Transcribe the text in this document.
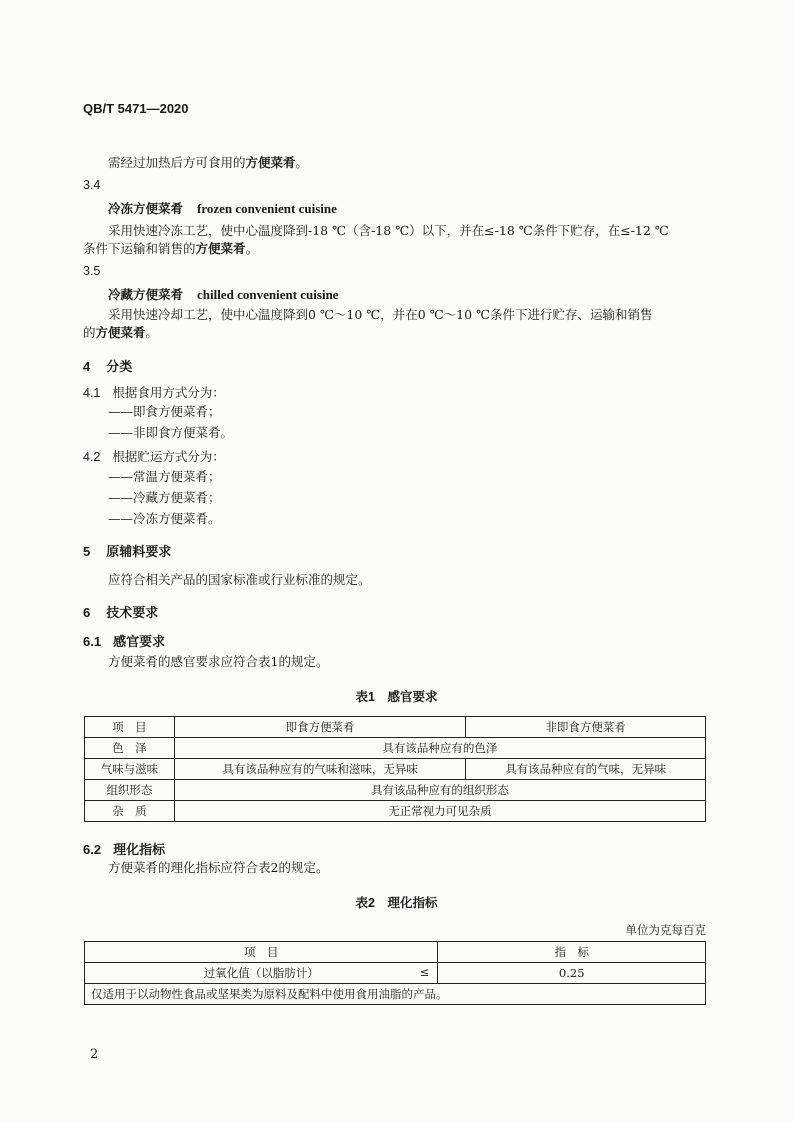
QB/T 5471—2020
需经过加热后方可食用的方便菜肴。
3.4
冷冻方便菜肴 frozen convenient cuisine
采用快速冷冻工艺，使中心温度降到-18 ℃（含-18 ℃）以下，并在≤-18 ℃条件下贮存，在≤-12 ℃
条件下运输和销售的方便菜肴。
3.5
冷藏方便菜肴 chilled convenient cuisine
采用快速冷却工艺，使中心温度降到0 ℃～10 ℃，并在0 ℃～10 ℃条件下进行贮存、运输和销售
的方便菜肴。
4 分类
4.1 根据食用方式分为：
——即食方便菜肴；
——非即食方便菜肴。
4.2 根据贮运方式分为：
——常温方便菜肴；
——冷藏方便菜肴；
——冷冻方便菜肴。
5 原辅料要求
应符合相关产品的国家标准或行业标准的规定。
6 技术要求
6.1 感官要求
方便菜肴的感官要求应符合表1的规定。
表1　感官要求
项　目	即食方便菜肴	非即食方便菜肴
色　泽	具有该品种应有的色泽	
气味与滋味	具有该品种应有的气味和滋味，无异味	具有该品种应有的气味，无异味
组织形态	具有该品种应有的组织形态	
杂　质	无正常视力可见杂质	
6.2 理化指标
方便菜肴的理化指标应符合表2的规定。
表2　理化指标
单位为克每百克
项　目	指　标
过氧化值（以脂肪计） ≤	0.25
仅适用于以动物性食品或坚果类为原料及配料中使用食用油脂的产品。	
2
